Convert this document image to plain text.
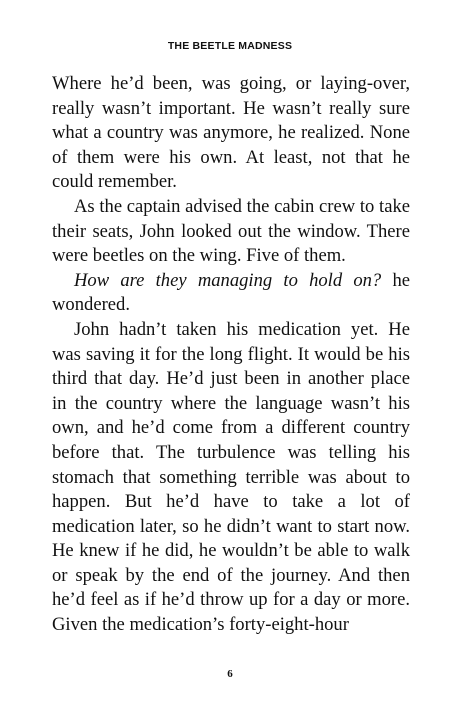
THE BEETLE MADNESS

Where he’d been, was going, or laying-over, really wasn’t important. He wasn’t really sure what a country was anymore, he realized. None of them were his own. At least, not that he could remember.

As the captain advised the cabin crew to take their seats, John looked out the window. There were beetles on the wing. Five of them.

How are they managing to hold on? he wondered.

John hadn’t taken his medication yet. He was saving it for the long flight. It would be his third that day. He’d just been in another place in the country where the language wasn’t his own, and he’d come from a different country before that. The turbulence was telling his stomach that something terrible was about to happen. But he’d have to take a lot of medication later, so he didn’t want to start now. He knew if he did, he wouldn’t be able to walk or speak by the end of the journey. And then he’d feel as if he’d throw up for a day or more. Given the medication’s forty-eight-hour

6
